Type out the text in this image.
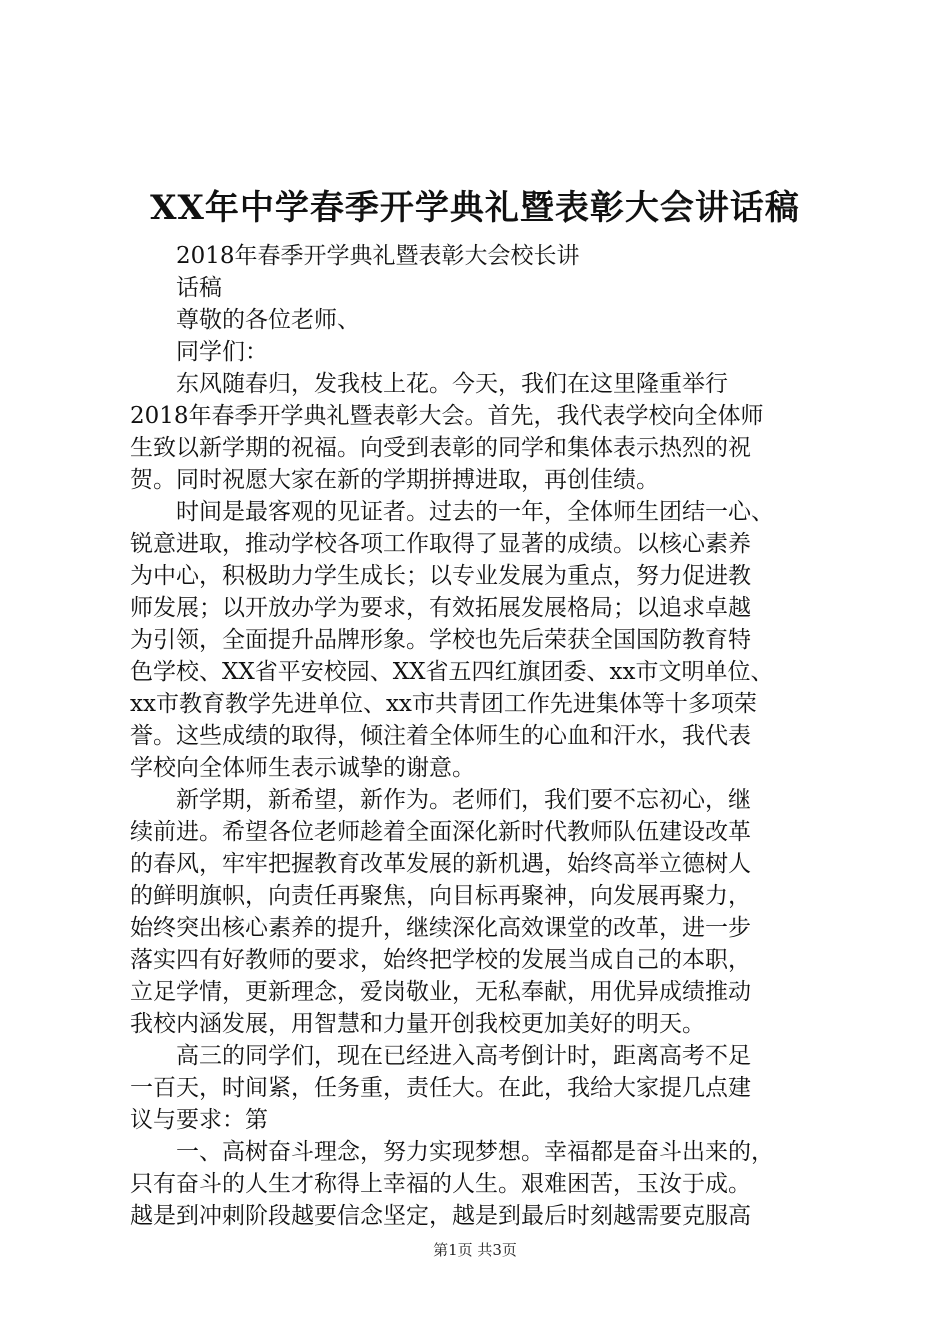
XX年中学春季开学典礼暨表彰大会讲话稿
2018年春季开学典礼暨表彰大会校长讲
话稿
尊敬的各位老师、
同学们：
东风随春归，发我枝上花。今天，我们在这里隆重举行
2018年春季开学典礼暨表彰大会。首先，我代表学校向全体师
生致以新学期的祝福。向受到表彰的同学和集体表示热烈的祝
贺。同时祝愿大家在新的学期拼搏进取，再创佳绩。
时间是最客观的见证者。过去的一年，全体师生团结一心、
锐意进取，推动学校各项工作取得了显著的成绩。以核心素养
为中心，积极助力学生成长；以专业发展为重点，努力促进教
师发展；以开放办学为要求，有效拓展发展格局；以追求卓越
为引领，全面提升品牌形象。学校也先后荣获全国国防教育特
色学校、XX省平安校园、XX省五四红旗团委、xx市文明单位、
xx市教育教学先进单位、xx市共青团工作先进集体等十多项荣
誉。这些成绩的取得，倾注着全体师生的心血和汗水，我代表
学校向全体师生表示诚挚的谢意。
新学期，新希望，新作为。老师们，我们要不忘初心，继
续前进。希望各位老师趁着全面深化新时代教师队伍建设改革
的春风，牢牢把握教育改革发展的新机遇，始终高举立德树人
的鲜明旗帜，向责任再聚焦，向目标再聚神，向发展再聚力，
始终突出核心素养的提升，继续深化高效课堂的改革，进一步
落实四有好教师的要求，始终把学校的发展当成自己的本职，
立足学情，更新理念，爱岗敬业，无私奉献，用优异成绩推动
我校内涵发展，用智慧和力量开创我校更加美好的明天。
高三的同学们，现在已经进入高考倒计时，距离高考不足
一百天，时间紧，任务重，责任大。在此，我给大家提几点建
议与要求：第
一、高树奋斗理念，努力实现梦想。幸福都是奋斗出来的，
只有奋斗的人生才称得上幸福的人生。艰难困苦，玉汝于成。
越是到冲刺阶段越要信念坚定，越是到最后时刻越需要克服高
第1页 共3页
